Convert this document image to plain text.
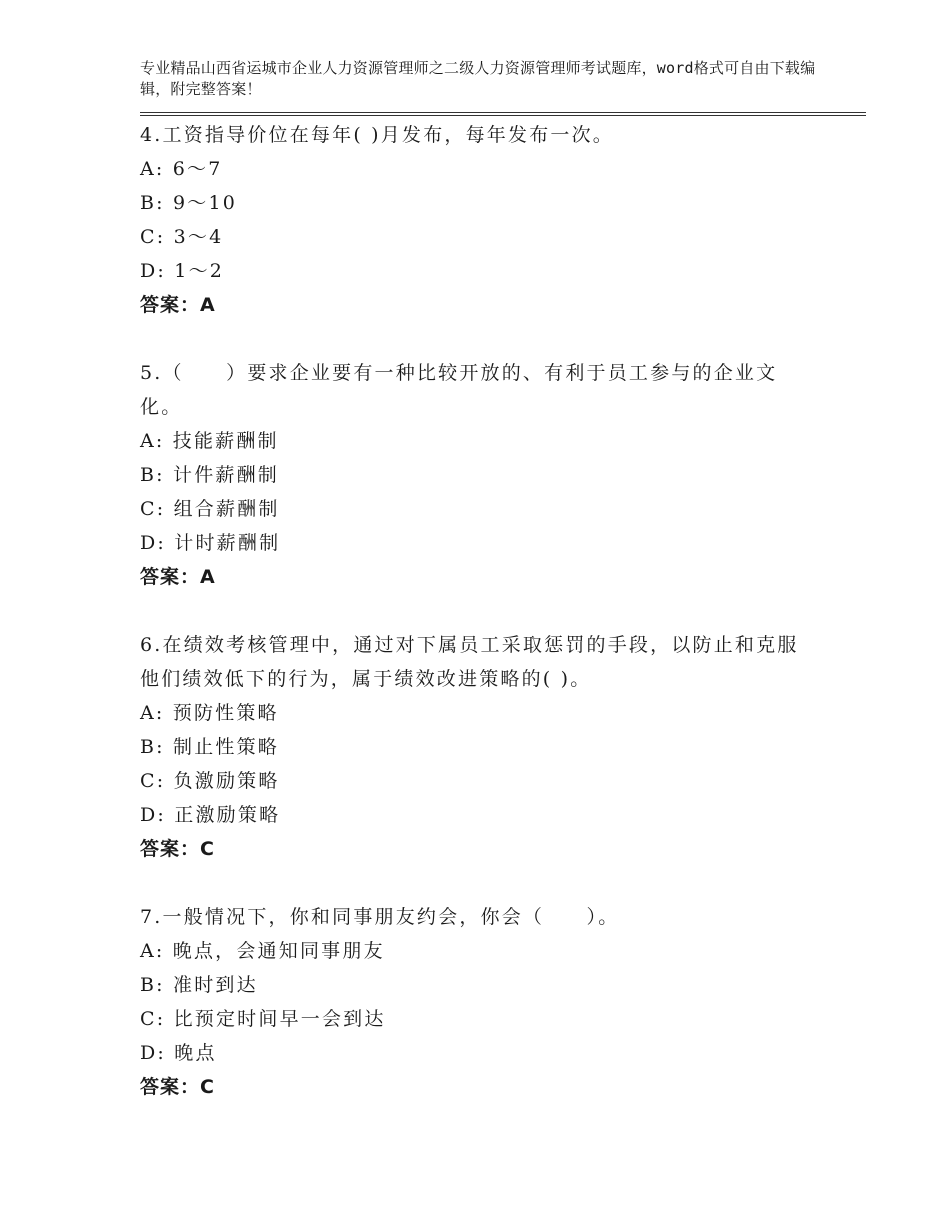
专业精品山西省运城市企业人力资源管理师之二级人力资源管理师考试题库，word格式可自由下载编辑，附完整答案！
4.工资指导价位在每年( )月发布，每年发布一次。
A: 6～7
B: 9～10
C: 3～4
D: 1～2
答案：A
5.（　　）要求企业要有一种比较开放的、有利于员工参与的企业文化。
A: 技能薪酬制
B: 计件薪酬制
C: 组合薪酬制
D: 计时薪酬制
答案：A
6.在绩效考核管理中，通过对下属员工采取惩罚的手段，以防止和克服他们绩效低下的行为，属于绩效改进策略的( )。
A: 预防性策略
B: 制止性策略
C: 负激励策略
D: 正激励策略
答案：C
7.一般情况下，你和同事朋友约会，你会（　　）。
A: 晚点，会通知同事朋友
B: 准时到达
C: 比预定时间早一会到达
D: 晚点
答案：C
